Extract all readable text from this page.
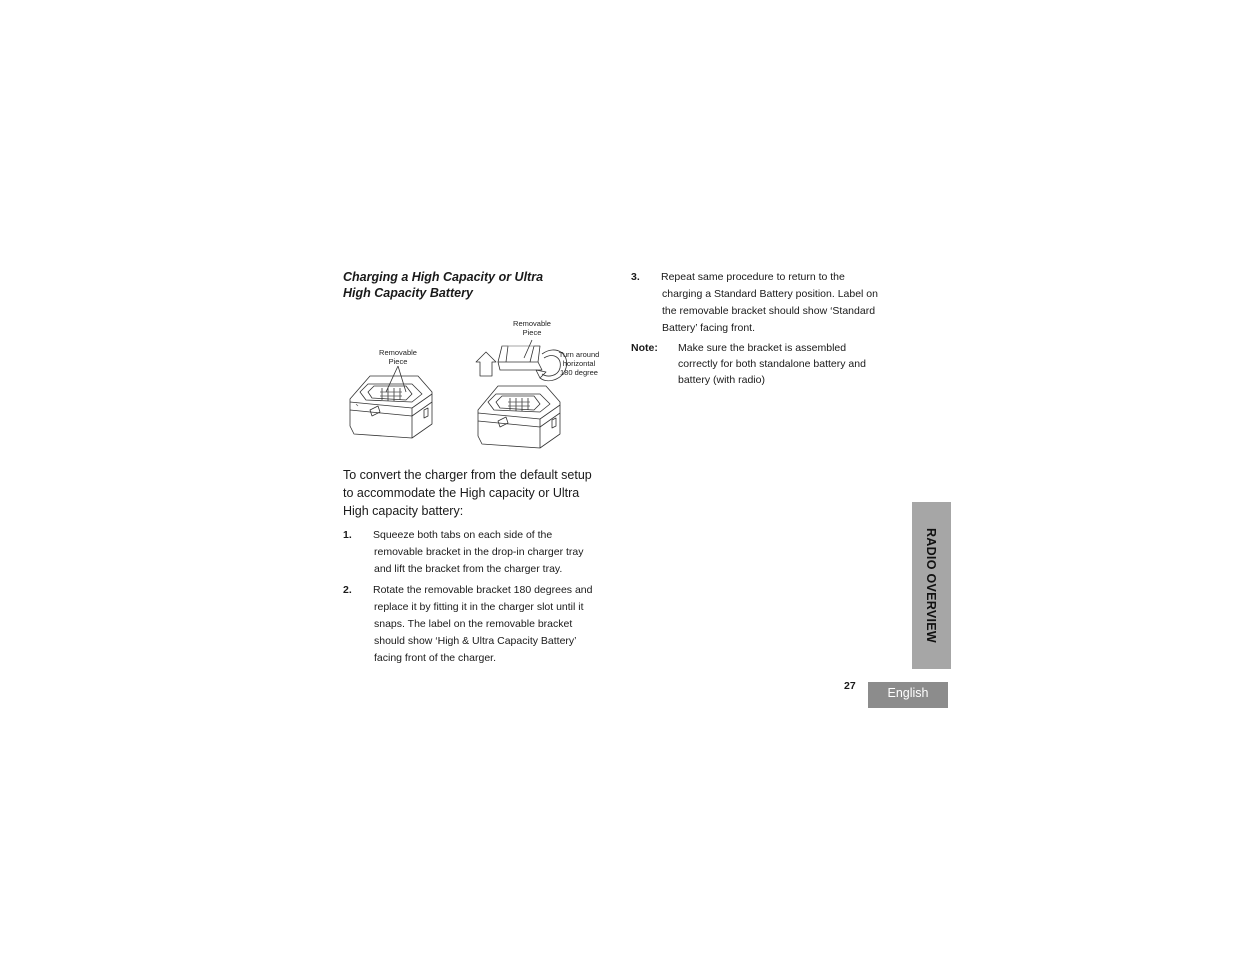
Charging a High Capacity or Ultra
High Capacity Battery
Removable
Piece
Removable
Piece
Turn around
horizontal
180 degree
To convert the charger from the default setup to accommodate the High capacity or Ultra High capacity battery:
1. Squeeze both tabs on each side of the
removable bracket in the drop-in charger tray
and lift the bracket from the charger tray.
2. Rotate the removable bracket 180 degrees and
replace it by fitting it in the charger slot until it
snaps. The label on the removable bracket
should show ‘High & Ultra Capacity Battery’
facing front of the charger.
3. Repeat same procedure to return to the
charging a Standard Battery position. Label on
the removable bracket should show ‘Standard
Battery’ facing front.
Note: Make sure the bracket is assembled
correctly for both standalone battery and
battery (with radio)
RADIO OVERVIEW
27	English
